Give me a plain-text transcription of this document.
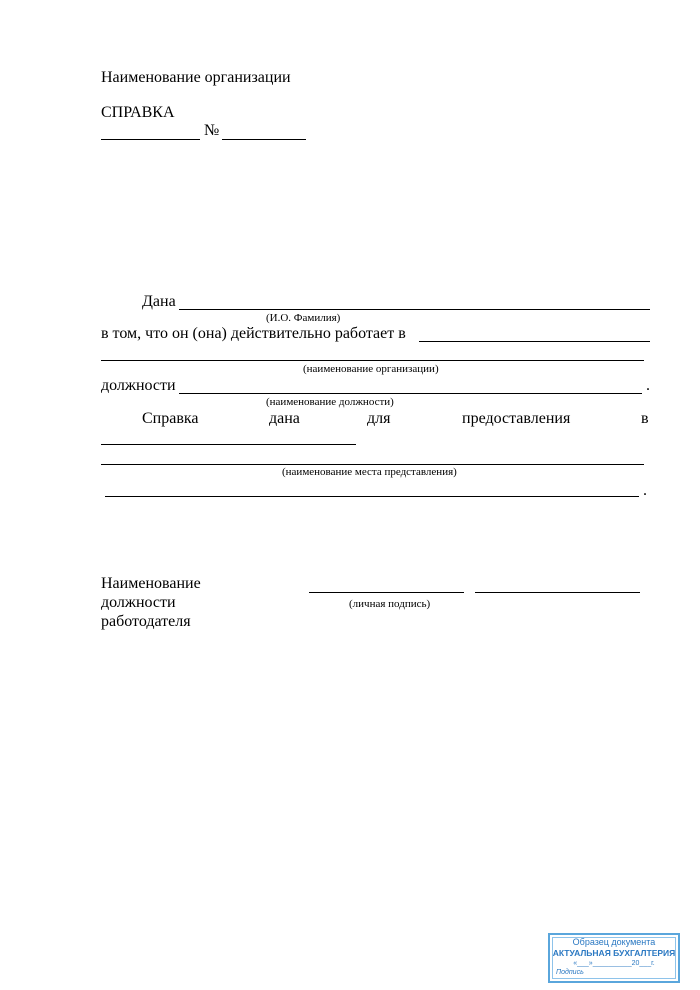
Наименование организации
СПРАВКА
№
Дана
(И.О. Фамилия)
в том, что он (она) действительно работает в
(наименование организации)
должности	.
(наименование должности)
Справка	дана	для	предоставления	в
(наименование места представления)
.
Наименование
должности
работодателя
(личная подпись)
Образец документа
АКТУАЛЬНАЯ БУХГАЛТЕРИЯ
«___»__________20___г.
Подпись
